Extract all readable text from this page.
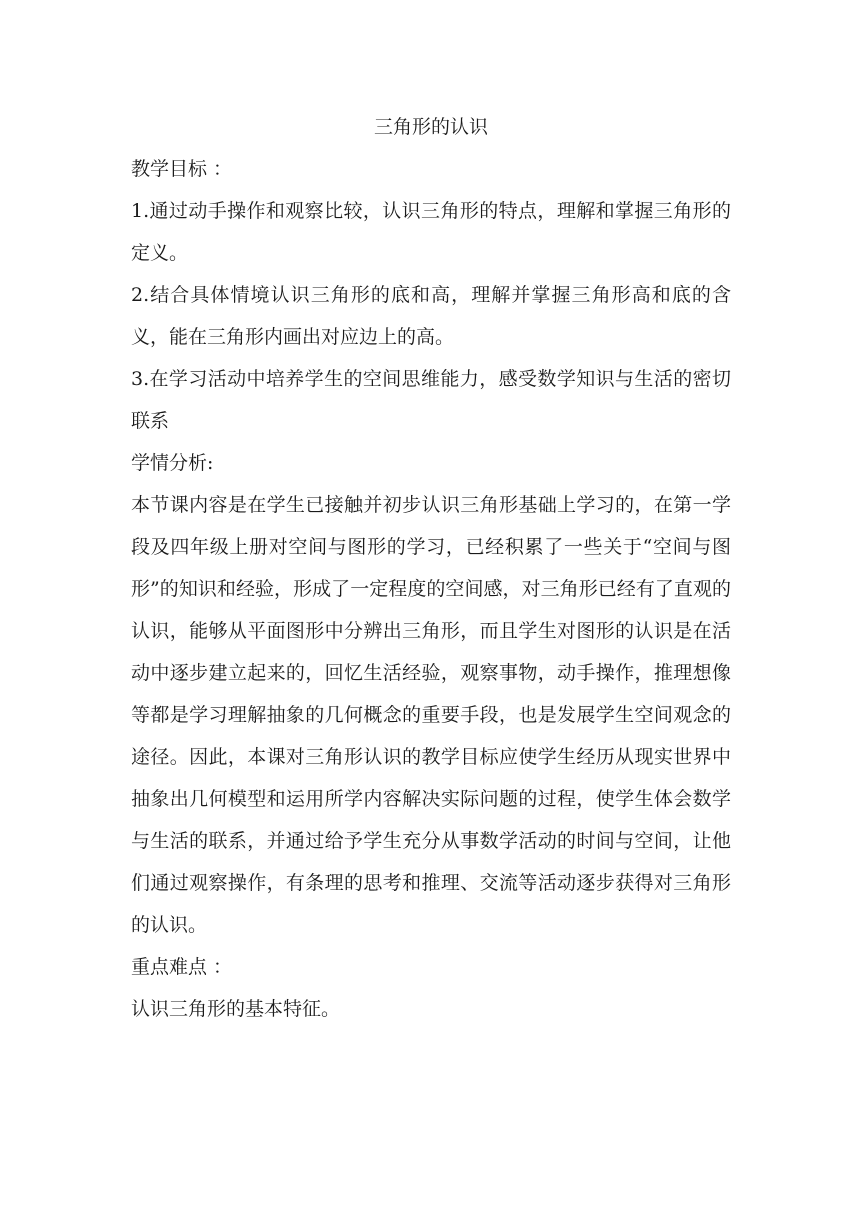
三角形的认识
教学目标 ：

1.通过动手操作和观察比较，认识三角形的特点，理解和掌握三角形的定义。

2.结合具体情境认识三角形的底和高，理解并掌握三角形高和底的含义，能在三角形内画出对应边上的高。

3.在学习活动中培养学生的空间思维能力，感受数学知识与生活的密切联系

学情分析:

本节课内容是在学生已接触并初步认识三角形基础上学习的，在第一学段及四年级上册对空间与图形的学习，已经积累了一些关于“空间与图形”的知识和经验，形成了一定程度的空间感，对三角形已经有了直观的认识，能够从平面图形中分辨出三角形，而且学生对图形的认识是在活动中逐步建立起来的，回忆生活经验，观察事物，动手操作，推理想像等都是学习理解抽象的几何概念的重要手段，也是发展学生空间观念的途径。因此，本课对三角形认识的教学目标应使学生经历从现实世界中抽象出几何模型和运用所学内容解决实际问题的过程，使学生体会数学与生活的联系，并通过给予学生充分从事数学活动的时间与空间，让他们通过观察操作，有条理的思考和推理、交流等活动逐步获得对三角形的认识。

重点难点 ：

认识三角形的基本特征。
